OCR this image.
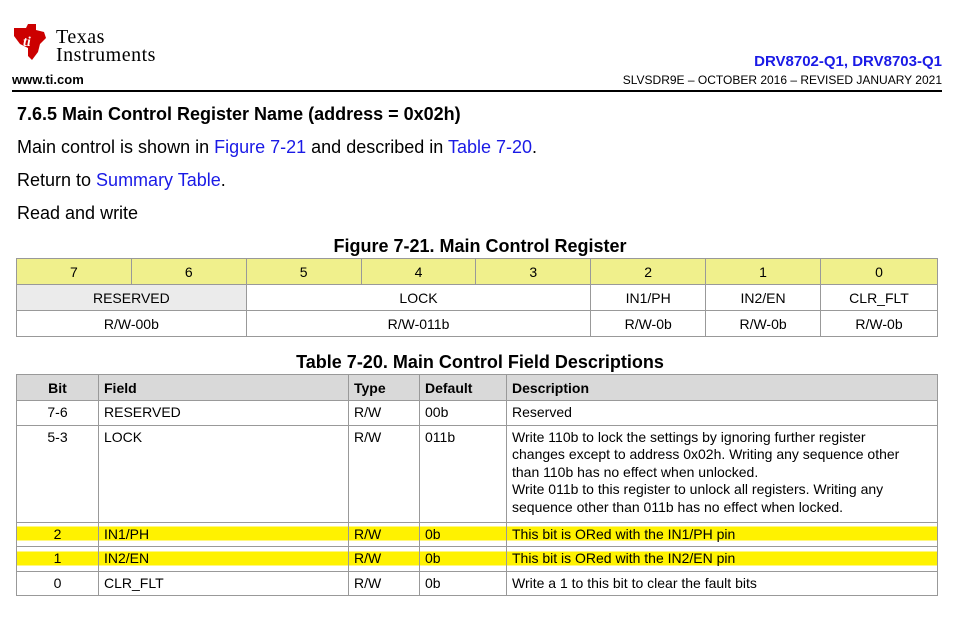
ti Texas
Instruments
www.ti.com
DRV8702-Q1, DRV8703-Q1
SLVSDR9E – OCTOBER 2016 – REVISED JANUARY 2021
7.6.5 Main Control Register Name (address = 0x02h)
Main control is shown in Figure 7-21 and described in Table 7-20.
Return to Summary Table.
Read and write
Figure 7-21. Main Control Register
7	6	5	4	3	2	1	0
RESERVED		LOCK			IN1/PH	IN2/EN	CLR_FLT
R/W-00b		R/W-011b			R/W-0b	R/W-0b	R/W-0b
Table 7-20. Main Control Field Descriptions
Bit	Field	Type	Default	Description
7-6	RESERVED	R/W	00b	Reserved
5-3	LOCK	R/W	011b	Write 110b to lock the settings by ignoring further register
changes except to address 0x02h. Writing any sequence other
than 110b has no effect when unlocked.
Write 011b to this register to unlock all registers. Writing any
sequence other than 011b has no effect when locked.

2	IN1/PH	R/W	0b	This bit is ORed with the IN1/PH pin
1	IN2/EN	R/W	0b	This bit is ORed with the IN2/EN pin
0	CLR_FLT	R/W	0b	Write a 1 to this bit to clear the fault bits
